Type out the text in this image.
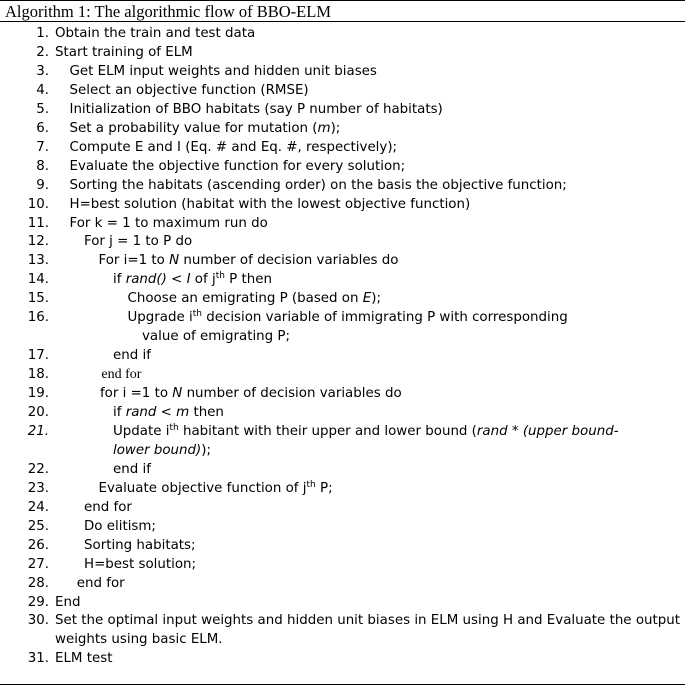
Algorithm 1: The algorithmic flow of BBO-ELM
1. Obtain the train and test data
2. Start training of ELM
3. Get ELM input weights and hidden unit biases
4. Select an objective function (RMSE)
5. Initialization of BBO habitats (say P number of habitats)
6. Set a probability value for mutation (m);
7. Compute E and I (Eq. # and Eq. #, respectively);
8. Evaluate the objective function for every solution;
9. Sorting the habitats (ascending order) on the basis the objective function;
10. H=best solution (habitat with the lowest objective function)
11. For k = 1 to maximum run do
12.	For j = 1 to P do
13.	For i=1 to N number of decision variables do
14.	if rand() < I of $j^{th}$ P then
15.	Choose an emigrating P (based on E);
16.	Upgrade $i^{th}$ decision variable of immigrating P with corresponding
value of emigrating P;
17.	end if
18.	end for
19.	for i =1 to N number of decision variables do
20.	if rand < m then
21.	Update $i^{th}$ habitant with their upper and lower bound (rand * (upper bound-
lower bound));
22.	end if
23.	Evaluate objective function of $j^{th}$ P;
24.	end for
25.	Do elitism;
26.	Sorting habitats;
27.	H=best solution;
28. end for
29. End
30. Set the optimal input weights and hidden unit biases in ELM using H and Evaluate the output
weights using basic ELM.
31. ELM test
